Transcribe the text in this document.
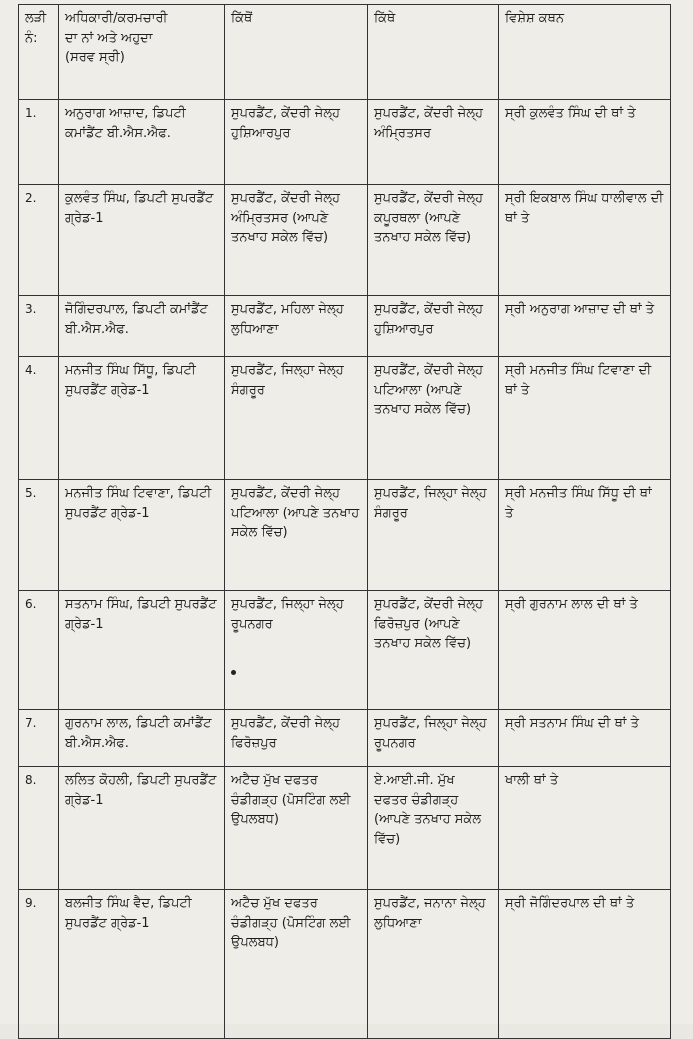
ਲੜੀ ਨੰ:	ਅਧਿਕਾਰੀ/ਕਰਮਚਾਰੀ
ਦਾ ਨਾਂ ਅਤੇ ਅਹੁਦਾ
(ਸਰਵ ਸ੍ਰੀ)	ਕਿੱਥੋਂ	ਕਿੱਥੇ	ਵਿਸ਼ੇਸ਼ ਕਥਨ
1.	ਅਨੁਰਾਗ ਆਜ਼ਾਦ, ਡਿਪਟੀ ਕਮਾਂਡੈਂਟ ਬੀ.ਐਸ.ਐਫ.	ਸੁਪਰਡੈਂਟ, ਕੇਂਦਰੀ ਜੇਲ੍ਹ ਹੁਸ਼ਿਆਰਪੁਰ	ਸੁਪਰਡੈਂਟ, ਕੇਂਦਰੀ ਜੇਲ੍ਹ ਅੰਮ੍ਰਿਤਸਰ	ਸ੍ਰੀ ਕੁਲਵੰਤ ਸਿੰਘ ਦੀ ਥਾਂ ਤੇ
2.	ਕੁਲਵੰਤ ਸਿੰਘ, ਡਿਪਟੀ ਸੁਪਰਡੈਂਟ ਗ੍ਰੇਡ-1	ਸੁਪਰਡੈਂਟ, ਕੇਂਦਰੀ ਜੇਲ੍ਹ ਅੰਮ੍ਰਿਤਸਰ (ਆਪਣੇ ਤਨਖਾਹ ਸਕੇਲ ਵਿੱਚ)	ਸੁਪਰਡੈਂਟ, ਕੇਂਦਰੀ ਜੇਲ੍ਹ ਕਪੂਰਥਲਾ (ਆਪਣੇ ਤਨਖਾਹ ਸਕੇਲ ਵਿੱਚ)	ਸ੍ਰੀ ਇਕਬਾਲ ਸਿੰਘ ਧਾਲੀਵਾਲ ਦੀ ਥਾਂ ਤੇ
3.	ਜੋਗਿੰਦਰਪਾਲ, ਡਿਪਟੀ ਕਮਾਂਡੈਂਟ ਬੀ.ਐਸ.ਐਫ.	ਸੁਪਰਡੈਂਟ, ਮਹਿਲਾ ਜੇਲ੍ਹ ਲੁਧਿਆਣਾ	ਸੁਪਰਡੈਂਟ, ਕੇਂਦਰੀ ਜੇਲ੍ਹ ਹੁਸ਼ਿਆਰਪੁਰ	ਸ੍ਰੀ ਅਨੁਰਾਗ ਆਜ਼ਾਦ ਦੀ ਥਾਂ ਤੇ
4.	ਮਨਜੀਤ ਸਿੰਘ ਸਿੱਧੂ, ਡਿਪਟੀ ਸੁਪਰਡੈਂਟ ਗ੍ਰੇਡ-1	ਸੁਪਰਡੈਂਟ, ਜਿਲ੍ਹਾ ਜੇਲ੍ਹ ਸੰਗਰੂਰ	ਸੁਪਰਡੈਂਟ, ਕੇਂਦਰੀ ਜੇਲ੍ਹ ਪਟਿਆਲਾ (ਆਪਣੇ ਤਨਖਾਹ ਸਕੇਲ ਵਿੱਚ)	ਸ੍ਰੀ ਮਨਜੀਤ ਸਿੰਘ ਟਿਵਾਣਾ ਦੀ ਥਾਂ ਤੇ
5.	ਮਨਜੀਤ ਸਿੰਘ ਟਿਵਾਣਾ, ਡਿਪਟੀ ਸੁਪਰਡੈਂਟ ਗ੍ਰੇਡ-1	ਸੁਪਰਡੈਂਟ, ਕੇਂਦਰੀ ਜੇਲ੍ਹ ਪਟਿਆਲਾ (ਆਪਣੇ ਤਨਖਾਹ ਸਕੇਲ ਵਿੱਚ)	ਸੁਪਰਡੈਂਟ, ਜਿਲ੍ਹਾ ਜੇਲ੍ਹ ਸੰਗਰੂਰ	ਸ੍ਰੀ ਮਨਜੀਤ ਸਿੰਘ ਸਿੱਧੂ ਦੀ ਥਾਂ ਤੇ
6.	ਸਤਨਾਮ ਸਿੰਘ, ਡਿਪਟੀ ਸੁਪਰਡੈਂਟ ਗ੍ਰੇਡ-1	ਸੁਪਰਡੈਂਟ, ਜਿਲ੍ਹਾ ਜੇਲ੍ਹ ਰੂਪਨਗਰ	ਸੁਪਰਡੈਂਟ, ਕੇਂਦਰੀ ਜੇਲ੍ਹ ਫਿਰੋਜ਼ਪੁਰ (ਆਪਣੇ ਤਨਖਾਹ ਸਕੇਲ ਵਿੱਚ)	ਸ੍ਰੀ ਗੁਰਨਾਮ ਲਾਲ ਦੀ ਥਾਂ ਤੇ
7.	ਗੁਰਨਾਮ ਲਾਲ, ਡਿਪਟੀ ਕਮਾਂਡੈਂਟ ਬੀ.ਐਸ.ਐਫ.	ਸੁਪਰਡੈਂਟ, ਕੇਂਦਰੀ ਜੇਲ੍ਹ ਫਿਰੋਜ਼ਪੁਰ	ਸੁਪਰਡੈਂਟ, ਜਿਲ੍ਹਾ ਜੇਲ੍ਹ ਰੂਪਨਗਰ	ਸ੍ਰੀ ਸਤਨਾਮ ਸਿੰਘ ਦੀ ਥਾਂ ਤੇ
8.	ਲਲਿਤ ਕੋਹਲੀ, ਡਿਪਟੀ ਸੁਪਰਡੈਂਟ ਗ੍ਰੇਡ-1	ਅਟੈਚ ਮੁੱਖ ਦਫਤਰ ਚੰਡੀਗੜ੍ਹ (ਪੋਸਟਿੰਗ ਲਈ ਉਪਲਬਧ)	ਏ.ਆਈ.ਜੀ. ਮੁੱਖ ਦਫਤਰ ਚੰਡੀਗੜ੍ਹ (ਆਪਣੇ ਤਨਖਾਹ ਸਕੇਲ ਵਿੱਚ)	ਖਾਲੀ ਥਾਂ ਤੇ
9.	ਬਲਜੀਤ ਸਿੰਘ ਵੈਦ, ਡਿਪਟੀ ਸੁਪਰਡੈਂਟ ਗ੍ਰੇਡ-1	ਅਟੈਚ ਮੁੱਖ ਦਫਤਰ ਚੰਡੀਗੜ੍ਹ (ਪੋਸਟਿੰਗ ਲਈ ਉਪਲਬਧ)	ਸੁਪਰਡੈਂਟ, ਜਨਾਨਾ ਜੇਲ੍ਹ ਲੁਧਿਆਣਾ	ਸ੍ਰੀ ਜੋਗਿੰਦਰਪਾਲ ਦੀ ਥਾਂ ਤੇ
